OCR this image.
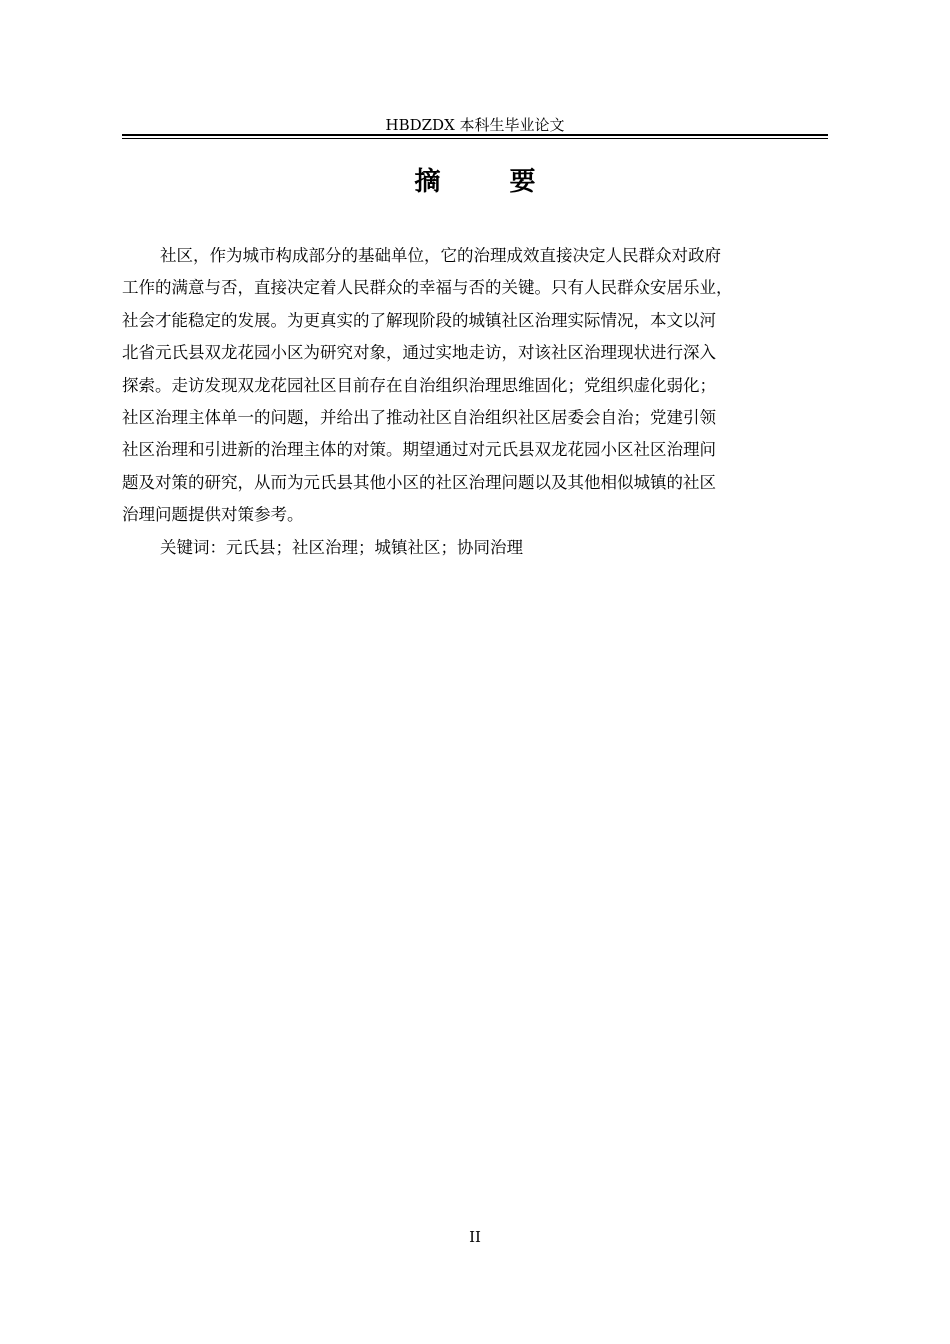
HBDZDX 本科生毕业论文
摘 要
社区，作为城市构成部分的基础单位，它的治理成效直接决定人民群众对政府
工作的满意与否，直接决定着人民群众的幸福与否的关键。只有人民群众安居乐业，
社会才能稳定的发展。为更真实的了解现阶段的城镇社区治理实际情况，本文以河
北省元氏县双龙花园小区为研究对象，通过实地走访，对该社区治理现状进行深入
探索。走访发现双龙花园社区目前存在自治组织治理思维固化；党组织虚化弱化；
社区治理主体单一的问题，并给出了推动社区自治组织社区居委会自治；党建引领
社区治理和引进新的治理主体的对策。期望通过对元氏县双龙花园小区社区治理问
题及对策的研究，从而为元氏县其他小区的社区治理问题以及其他相似城镇的社区
治理问题提供对策参考。
关键词：元氏县；社区治理；城镇社区；协同治理
II
